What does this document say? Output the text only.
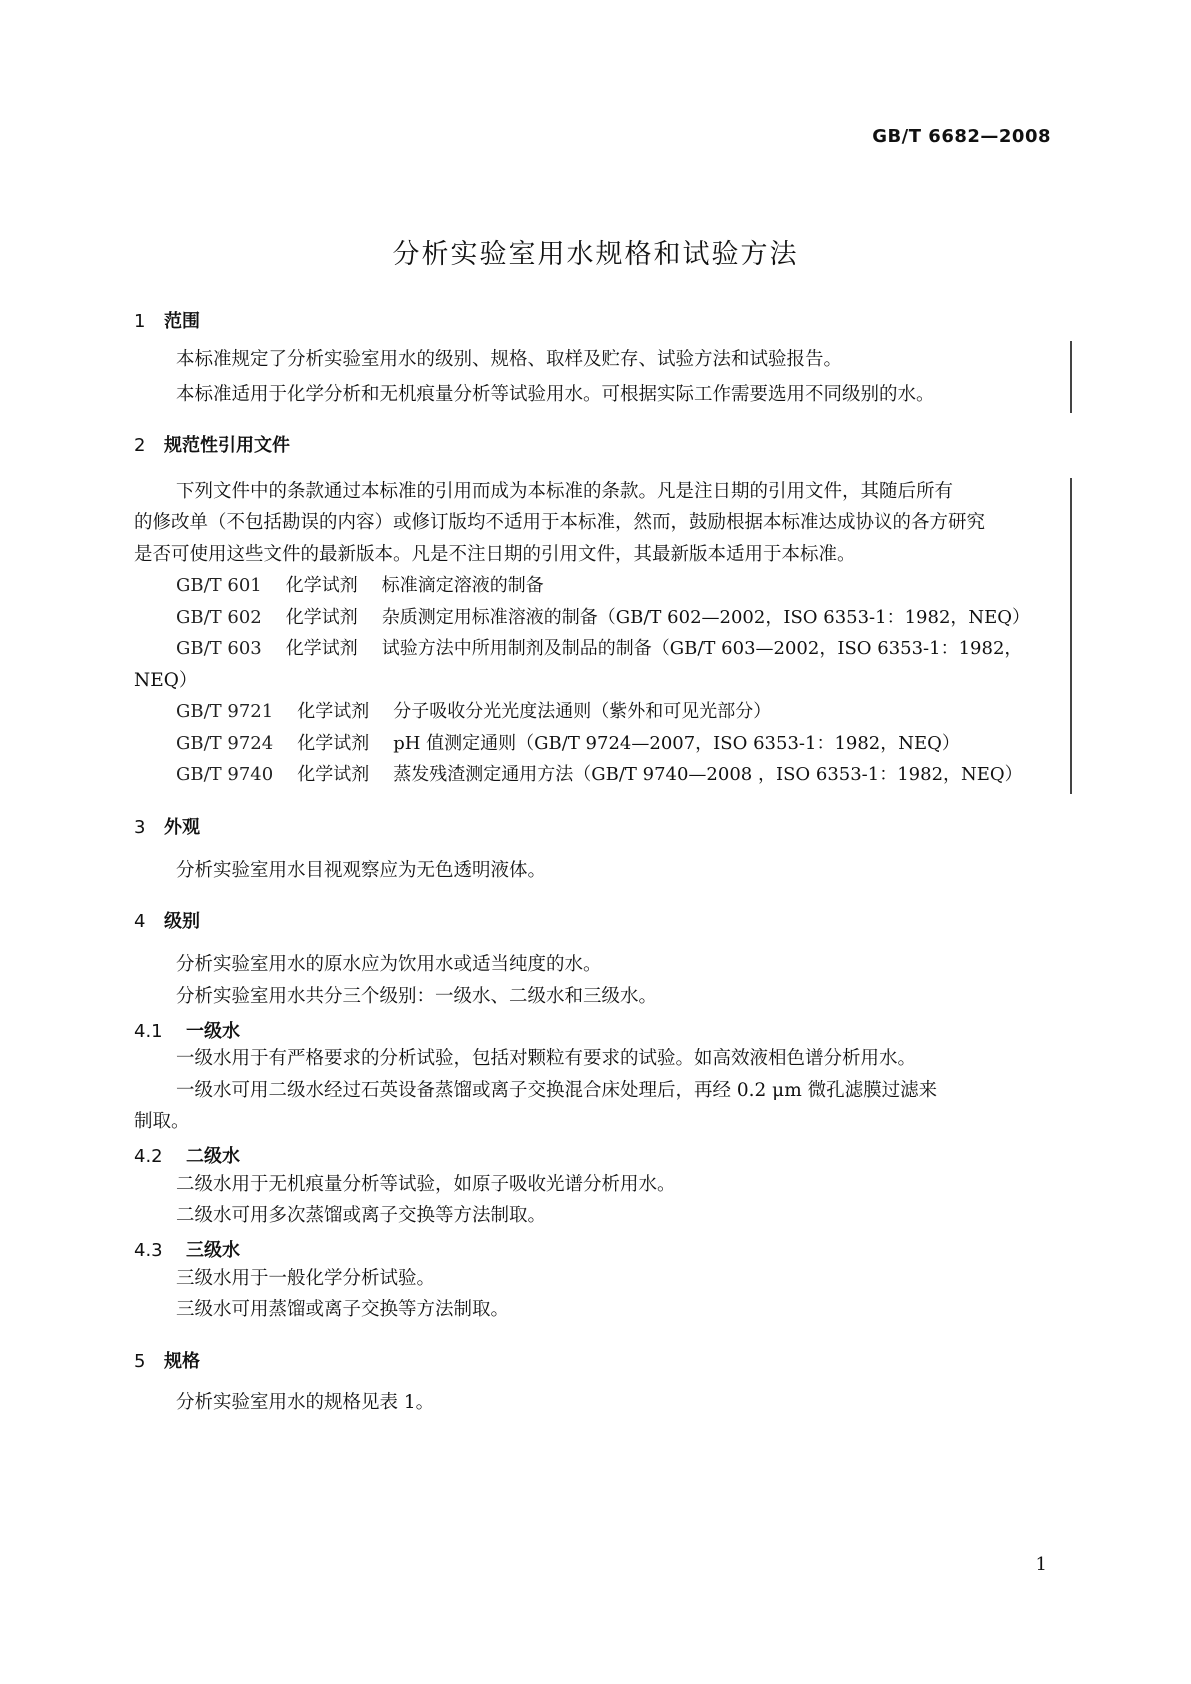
GB/T 6682—2008
分析实验室用水规格和试验方法
1 范围
本标准规定了分析实验室用水的级别、规格、取样及贮存、试验方法和试验报告。
本标准适用于化学分析和无机痕量分析等试验用水。可根据实际工作需要选用不同级别的水。
2 规范性引用文件
下列文件中的条款通过本标准的引用而成为本标准的条款。凡是注日期的引用文件，其随后所有
的修改单（不包括勘误的内容）或修订版均不适用于本标准，然而，鼓励根据本标准达成协议的各方研究
是否可使用这些文件的最新版本。凡是不注日期的引用文件，其最新版本适用于本标准。
GB/T 601 化学试剂 标准滴定溶液的制备
GB/T 602 化学试剂 杂质测定用标准溶液的制备（GB/T 602—2002，ISO 6353-1：1982，NEQ）
GB/T 603 化学试剂 试验方法中所用制剂及制品的制备（GB/T 603—2002，ISO 6353-1：1982，
NEQ）
GB/T 9721 化学试剂 分子吸收分光光度法通则（紫外和可见光部分）
GB/T 9724 化学试剂 pH 值测定通则（GB/T 9724—2007，ISO 6353-1：1982，NEQ）
GB/T 9740 化学试剂 蒸发残渣测定通用方法（GB/T 9740—2008 ，ISO 6353-1：1982，NEQ）
3 外观
分析实验室用水目视观察应为无色透明液体。
4 级别
分析实验室用水的原水应为饮用水或适当纯度的水。
分析实验室用水共分三个级别：一级水、二级水和三级水。
4.1 一级水
一级水用于有严格要求的分析试验，包括对颗粒有要求的试验。如高效液相色谱分析用水。
一级水可用二级水经过石英设备蒸馏或离子交换混合床处理后，再经 0.2 μm 微孔滤膜过滤来
制取。
4.2 二级水
二级水用于无机痕量分析等试验，如原子吸收光谱分析用水。
二级水可用多次蒸馏或离子交换等方法制取。
4.3 三级水
三级水用于一般化学分析试验。
三级水可用蒸馏或离子交换等方法制取。
5 规格
分析实验室用水的规格见表 1。
1
